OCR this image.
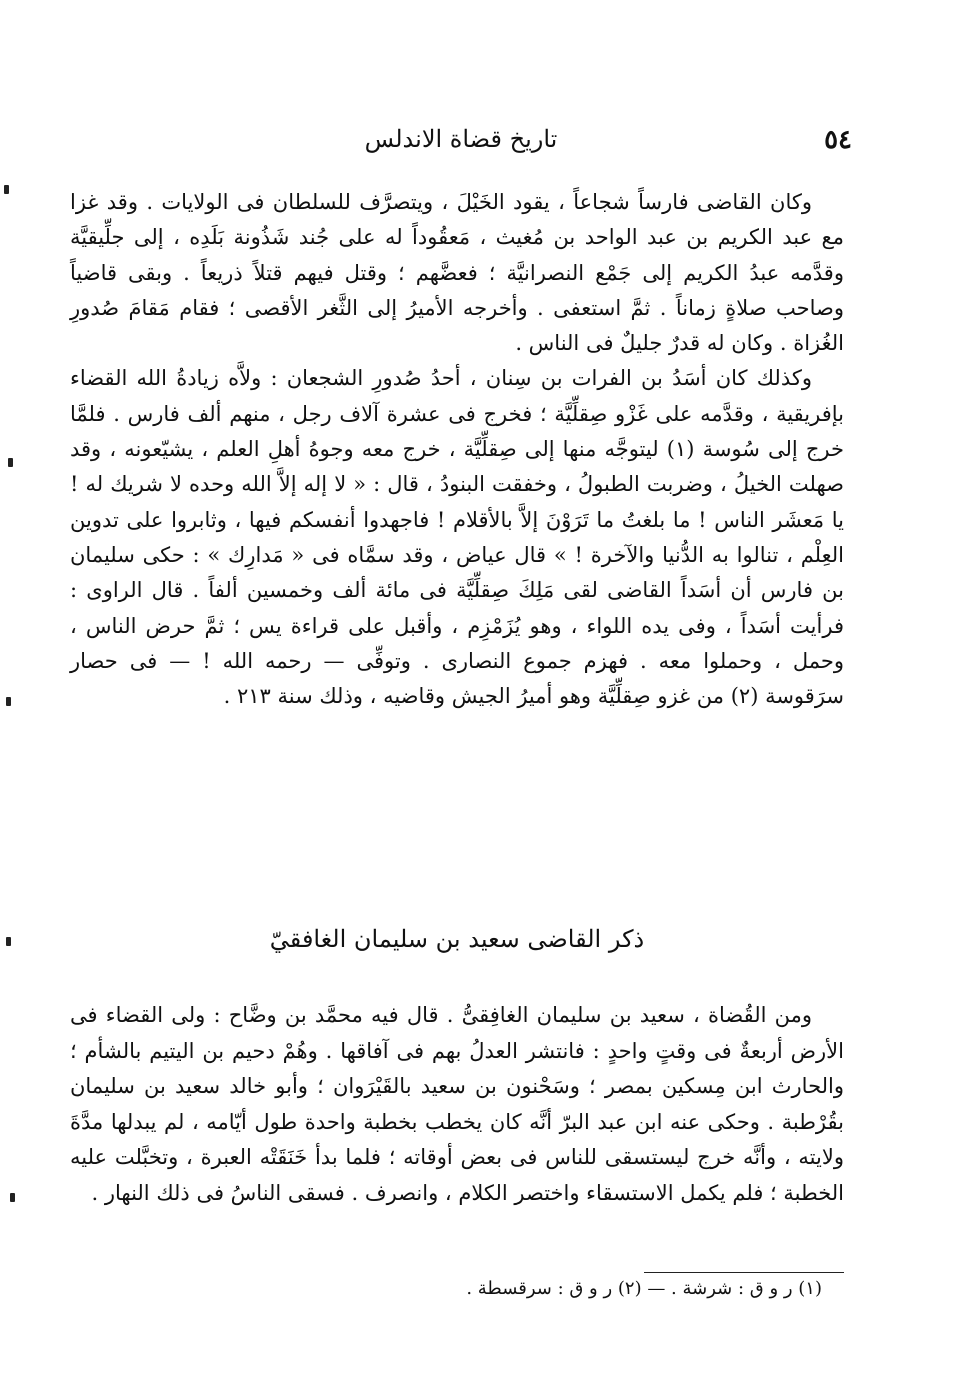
٥٤
تاريخ قضاة الاندلس

وكان القاضى فارساً شجاعاً ، يقود الخَيْلَ ، ويتصرَّف للسلطان فى الولايات . وقد غزا مع عبد الكريم بن عبد الواحد بن مُغيث ، مَعقُوداً له على جُند شَذُونة بَلَدِه ، إلى جلِّيقيَّة وقدَّمه عبدُ الكريم إلى جَمْع النصرانيَّة ؛ فعضَّهم ؛ وقتل فيهم قتلاً ذريعاً . وبقى قاضياً وصاحب صلاةٍ زماناً . ثمَّ استعفى . وأخرجه الأميرُ إلى الثَّغر الأقصى ؛ فقام مَقامَ صُدورِ الغُزاة . وكان له قدرٌ جليلٌ فى الناس .

وكذلك كان أسَدُ بن الفرات بن سِنان ، أحدُ صُدورِ الشجعان : ولاَّه زيادةُ الله القضاء بإفريقية ، وقدَّمه على غَزْو صِقلِّيَّة ؛ فخرج فى عشرة آلاف رجل ، منهم ألف فارس . فلمَّا خرج إلى سُوسة (١) ليتوجَّه منها إلى صِقلِّيَّة ، خرج معه وجوهُ أهلِ العلم ، يشيّعونه ، وقد صهلت الخيلُ ، وضربت الطبولُ ، وخفقت البنودُ ، قال : « لا إله إلاَّ الله وحده لا شريك له ! يا مَعشَر الناس ! ما بلغتُ ما تَرَوْنَ إلاَّ بالأقلام ! فاجهدوا أنفسكم فيها ، وثابروا على تدوين العِلْم ، تنالوا به الدُّنيا والآخرة ! » قال عياض ، وقد سمَّاه فى « مَدارِك » : حكى سليمان بن فارس أن أسَداً القاضى لقى مَلِكَ صِقلِّيَّة فى مائة ألف وخمسين ألفاً . قال الراوى : فرأيت أسَداً ، وفى يده اللواء ، وهو يُزَمْزِم ، وأقبل على قراءة يس ؛ ثمَّ حرض الناس ، وحمل ، وحملوا معه . فهزم جموع النصارى . وتوفِّى — رحمه الله ! — فى حصار سرَقوسة (٢) من غزو صِقلِّيَّة وهو أميرُ الجيش وقاضيه ، وذلك سنة ٢١٣ .

ذكر القاضى سعيد بن سليمان الغافقيّ

ومن القُضاة ، سعيد بن سليمان الغافِقىُّ . قال فيه محمَّد بن وضَّاح : ولى القضاء فى الأرض أربعةٌ فى وقتٍ واحدٍ : فانتشر العدلُ بهم فى آفاقها . وهُمْ دحيم بن اليتيم بالشأم ؛ والحارث ابن مِسكين بمصر ؛ وسَحْنون بن سعيد بالقَيْرَوان ؛ وأبو خالد سعيد بن سليمان بقُرْطبة . وحكى عنه ابن عبد البرّ أنَّه كان يخطب بخطبة واحدة طول أيّامه ، لم يبدلها مدَّةَ ولايته ، وأنَّه خرج ليستسقى للناس فى بعض أوقاته ؛ فلما بدأ خَنَقَتْه العبرة ، وتخبَّلت عليه الخطبة ؛ فلم يكمل الاستسقاء واختصر الكلام ، وانصرف . فسقى الناسُ فى ذلك النهار .

(١) ر و ق : شرشة . — (٢) ر و ق : سرقسطة .
